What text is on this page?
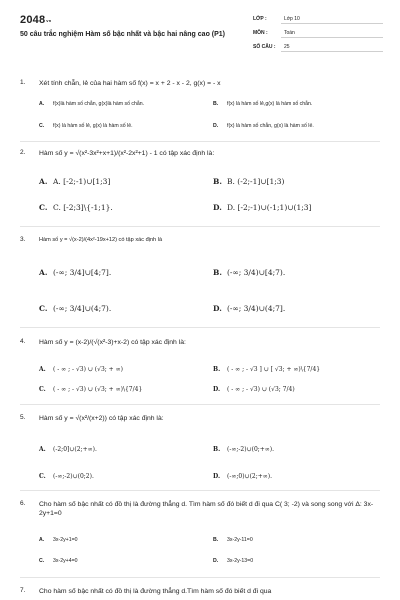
$2048_{vn}$
50 câu trắc nghiệm Hàm số bậc nhất và bậc hai nâng cao (P1)
LỚP :	Lớp 10
MÔN :	Toán
SỐ CÂU : 25
1. Xét tính chẵn, lẻ của hai hàm số f(x) = x + 2 - x - 2, g(x) = - x
A. f(x)là hàm số chẵn, g(x)là hàm số chẵn.	B. f(x) là hàm số lẻ,g(x) là hàm số chẵn.
C. f(x) là hàm số lẻ, g(x) là hàm số lẻ.	D. f(x) là hàm số chẵn, g(x) là hàm số lẻ.
2. Hàm số y = √(x²-3x²+x+1)/(x²-2x²+1) - 1 có tập xác định là:
A. A. [-2;-1)∪[1;3]	B. B. (-2;-1]∪[1;3)
C. C. [-2;3]\{-1;1}.	D. D. [-2;-1)∪(-1;1)∪(1;3]
3. Hàm số y = √(x-2)/(4x²-19x+12) có tập xác định là
A. (-∞; 3/4]∪[4;7].	B. (-∞; 3/4)∪[4;7).
C. (-∞; 3/4]∪(4;7).	D. (-∞; 3/4)∪(4;7].
4. Hàm số y = (x-2)/(√(x²-3)+x-2) có tập xác định là:
A. ( - ∞ ; - √3) ∪ (√3; + ∞)	B. ( - ∞ ; - √3 ] ∪ [ √3; + ∞)\{7/4}
C. ( - ∞ ; - √3) ∪ (√3; + ∞)\{7/4}	D. ( - ∞ ; - √3) ∪ (√3; 7/4)
5. Hàm số y = √(x²/(x+2)) có tập xác định là:
A. (-2;0]∪(2;+∞).	B. (-∞;-2)∪(0;+∞).
C. (-∞;-2)∪(0;2).	D. (-∞;0)∪(2;+∞).
6. Cho hàm số bậc nhất có đồ thị là đường thẳng d. Tìm hàm số đó biết d đi qua C( 3; -2) và song song với Δ: 3x-2y+1=0
A. 3x-2y+1=0	B. 3x-2y-11=0
C. 3x-2y+4=0	D. 3x-2y-13=0
7. Cho hàm số bậc nhất có đồ thị là đường thẳng d.Tìm hàm số đó biết d đi qua
